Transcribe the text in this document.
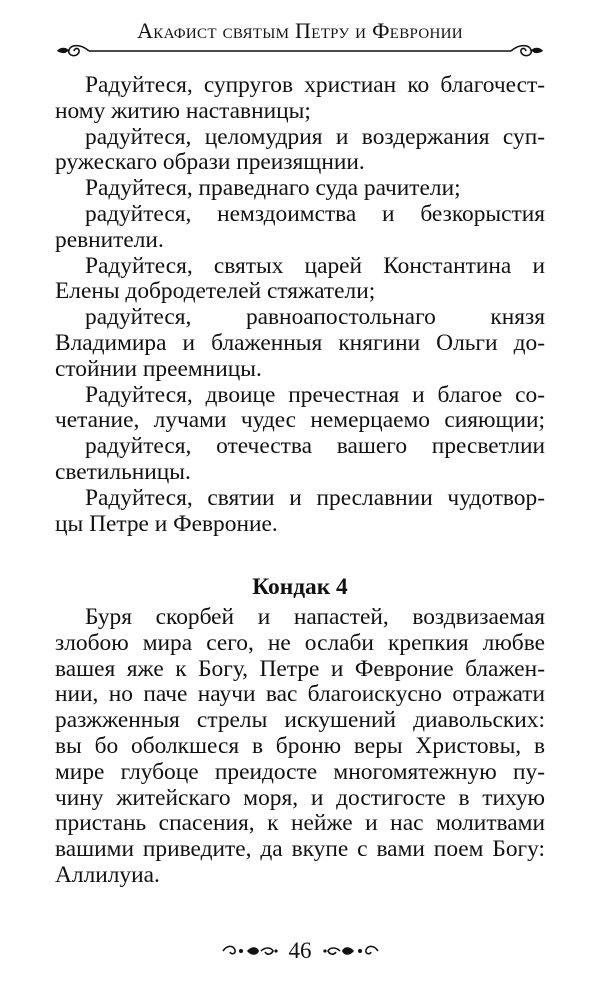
Акафист святым Петру и Февронии
Радуйтеся, супругов христиан ко благочест-
ному житию наставницы;
радуйтеся, целомудрия и воздержания суп-
ружескаго образи преизящнии.
Радуйтеся, праведнаго суда рачители;
радуйтеся, немздоимства и безкорыстия
ревнители.
Радуйтеся, святых царей Константина и
Елены добродетелей стяжатели;
радуйтеся, равноапостольнаго князя
Владимира и блаженныя княгини Ольги до-
стойнии преемницы.
Радуйтеся, двоице пречестная и благое со-
четание, лучами чудес немерцаемо сияющии;
радуйтеся, отечества вашего пресветлии
светильницы.
Радуйтеся, святии и преславнии чудотвор-
цы Петре и Февроние.
Кондак 4
Буря скорбей и напастей, воздвизаемая
злобою мира сего, не ослаби крепкия любве
вашея яже к Богу, Петре и Февроние блажен-
нии, но паче научи вас благоискусно отражати
разжженныя стрелы искушений диавольских:
вы бо оболкшеся в броню веры Христовы, в
мире глубоце преидосте многомятежную пу-
чину житейскаго моря, и достигосте в тихую
пристань спасения, к нейже и нас молитвами
вашими приведите, да вкупе с вами поем Богу:
Аллилуиа.
46
